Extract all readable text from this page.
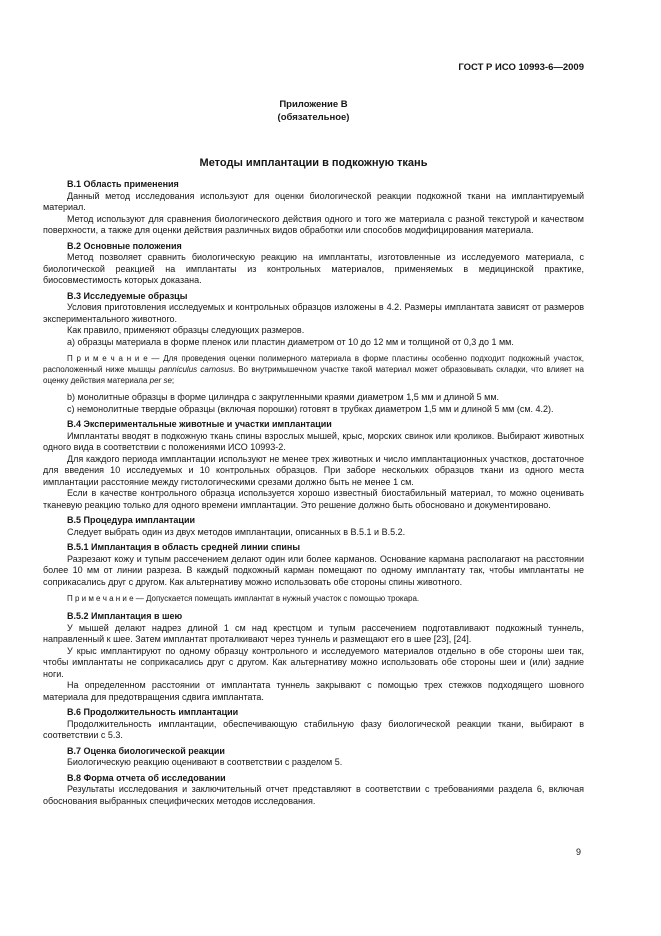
ГОСТ Р ИСО 10993-6—2009
Приложение В
(обязательное)
Методы имплантации в подкожную ткань

В.1 Область применения

Данный метод исследования используют для оценки биологической реакции подкожной ткани на имплантируемый материал.

Метод используют для сравнения биологического действия одного и того же материала с разной текстурой и качеством поверхности, а также для оценки действия различных видов обработки или способов модифицирования материала.

В.2 Основные положения

Метод позволяет сравнить биологическую реакцию на имплантаты, изготовленные из исследуемого материала, с биологической реакцией на имплантаты из контрольных материалов, применяемых в медицинской практике, биосовместимость которых доказана.

В.3 Исследуемые образцы

Условия приготовления исследуемых и контрольных образцов изложены в 4.2. Размеры имплантата зависят от размеров экспериментального животного.

Как правило, применяют образцы следующих размеров.

а) образцы материала в форме пленок или пластин диаметром от 10 до 12 мм и толщиной от 0,3 до 1 мм.

П р и м е ч а н и е — Для проведения оценки полимерного материала в форме пластины особенно подходит подкожный участок, расположенный ниже мышцы panniculus carnosus. Во внутримышечном участке такой материал может образовывать складки, что влияет на оценку действия материала per se;

b) монолитные образцы в форме цилиндра с закругленными краями диаметром 1,5 мм и длиной 5 мм.

c) немонолитные твердые образцы (включая порошки) готовят в трубках диаметром 1,5 мм и длиной 5 мм (см. 4.2).

В.4 Экспериментальные животные и участки имплантации

Имплантаты вводят в подкожную ткань спины взрослых мышей, крыс, морских свинок или кроликов. Выбирают животных одного вида в соответствии с положениями ИСО 10993-2.

Для каждого периода имплантации используют не менее трех животных и число имплантационных участков, достаточное для введения 10 исследуемых и 10 контрольных образцов. При заборе нескольких образцов ткани из одного места имплантации расстояние между гистологическими срезами должно быть не менее 1 см.

Если в качестве контрольного образца используется хорошо известный биостабильный материал, то можно оценивать тканевую реакцию только для одного времени имплантации. Это решение должно быть обосновано и документировано.

В.5 Процедура имплантации

Следует выбрать один из двух методов имплантации, описанных в В.5.1 и В.5.2.

В.5.1 Имплантация в область средней линии спины

Разрезают кожу и тупым рассечением делают один или более карманов. Основание кармана располагают на расстоянии более 10 мм от линии разреза. В каждый подкожный карман помещают по одному имплантату так, чтобы имплантаты не соприкасались друг с другом. Как альтернативу можно использовать обе стороны спины животного.

П р и м е ч а н и е — Допускается помещать имплантат в нужный участок с помощью трокара.

В.5.2 Имплантация в шею

У мышей делают надрез длиной 1 см над крестцом и тупым рассечением подготавливают подкожный туннель, направленный к шее. Затем имплантат проталкивают через туннель и размещают его в шее [23], [24].

У крыс имплантируют по одному образцу контрольного и исследуемого материалов отдельно в обе стороны шеи так, чтобы имплантаты не соприкасались друг с другом. Как альтернативу можно использовать обе стороны шеи и (или) задние ноги.

На определенном расстоянии от имплантата туннель закрывают с помощью трех стежков подходящего шовного материала для предотвращения сдвига имплантата.

В.6 Продолжительность имплантации

Продолжительность имплантации, обеспечивающую стабильную фазу биологической реакции ткани, выбирают в соответствии с 5.3.

В.7 Оценка биологической реакции

Биологическую реакцию оценивают в соответствии с разделом 5.

В.8 Форма отчета об исследовании

Результаты исследования и заключительный отчет представляют в соответствии с требованиями раздела 6, включая обоснования выбранных специфических методов исследования.

9
